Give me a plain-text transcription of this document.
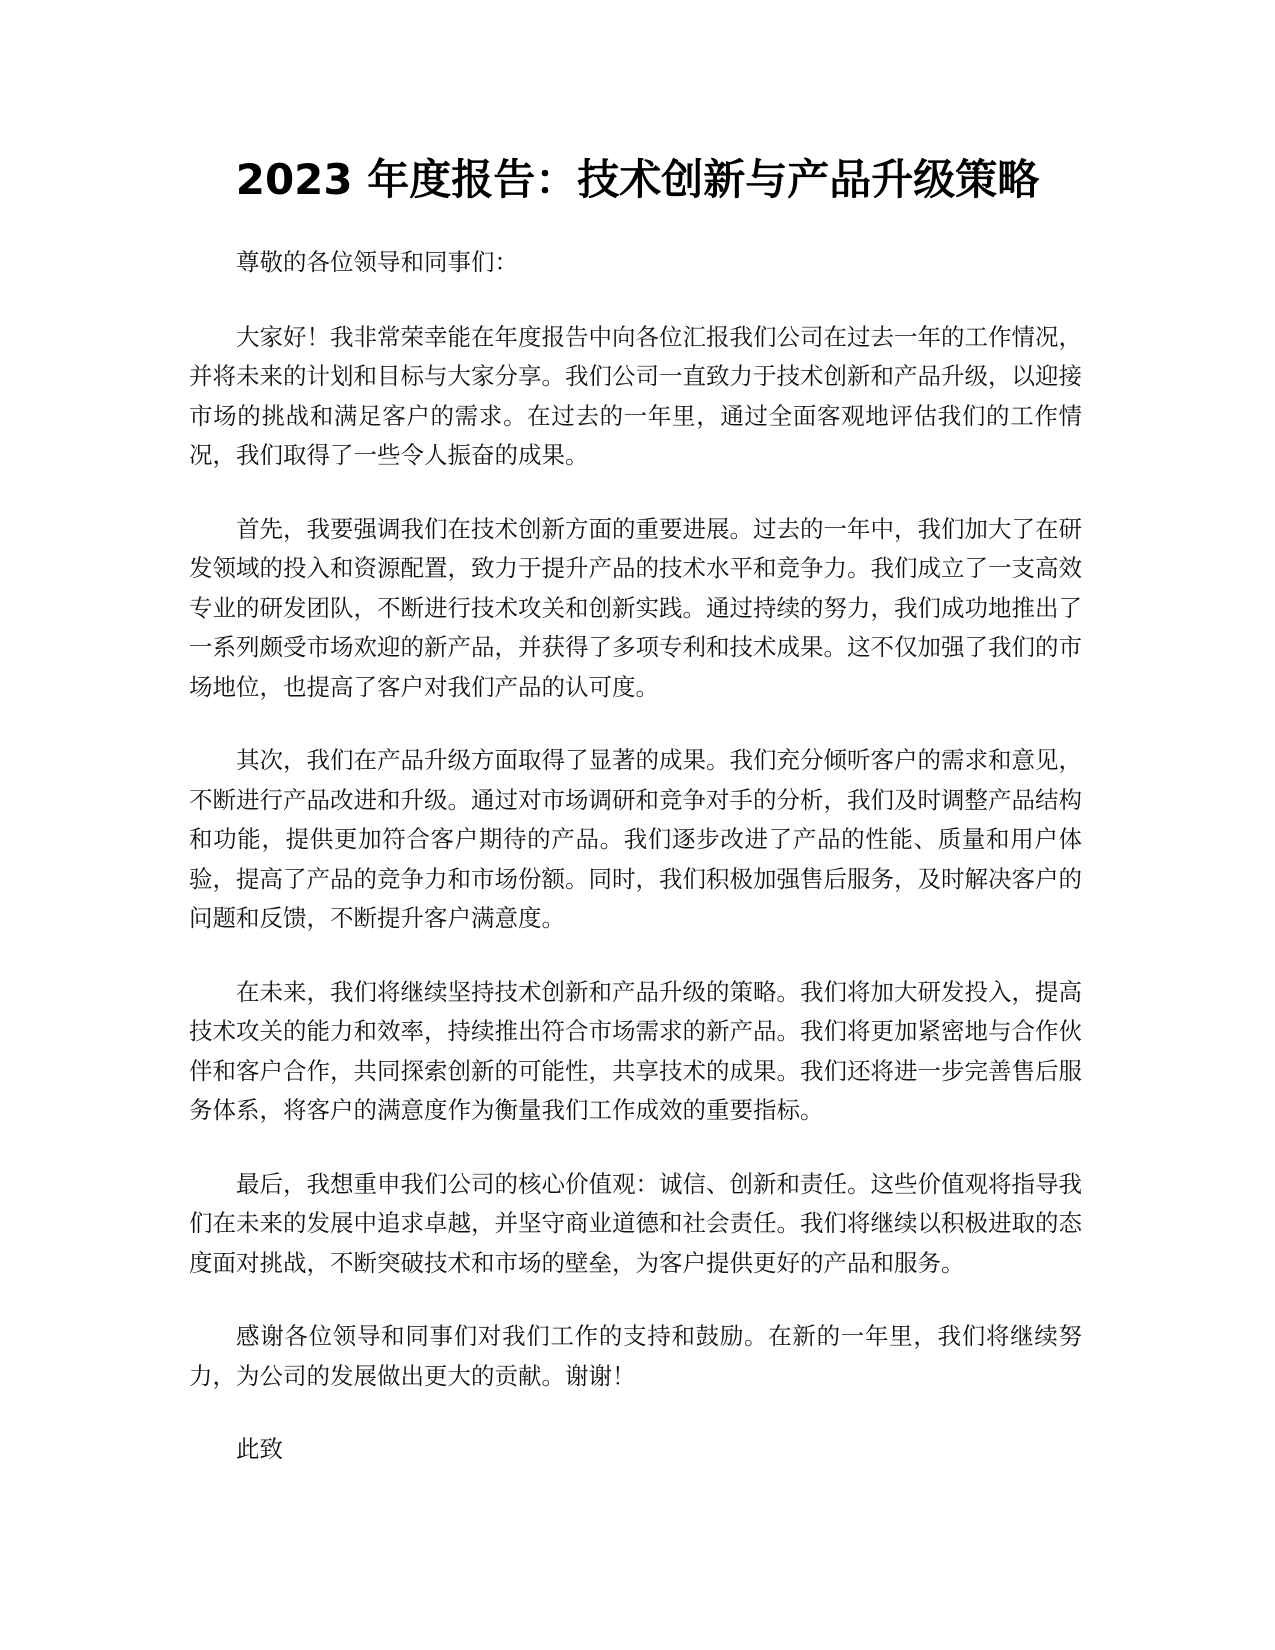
2023 年度报告：技术创新与产品升级策略

尊敬的各位领导和同事们：

大家好！我非常荣幸能在年度报告中向各位汇报我们公司在过去一年的工作情况，并将未来的计划和目标与大家分享。我们公司一直致力于技术创新和产品升级，以迎接市场的挑战和满足客户的需求。在过去的一年里，通过全面客观地评估我们的工作情况，我们取得了一些令人振奋的成果。

首先，我要强调我们在技术创新方面的重要进展。过去的一年中，我们加大了在研发领域的投入和资源配置，致力于提升产品的技术水平和竞争力。我们成立了一支高效专业的研发团队，不断进行技术攻关和创新实践。通过持续的努力，我们成功地推出了一系列颇受市场欢迎的新产品，并获得了多项专利和技术成果。这不仅加强了我们的市场地位，也提高了客户对我们产品的认可度。

其次，我们在产品升级方面取得了显著的成果。我们充分倾听客户的需求和意见，不断进行产品改进和升级。通过对市场调研和竞争对手的分析，我们及时调整产品结构和功能，提供更加符合客户期待的产品。我们逐步改进了产品的性能、质量和用户体验，提高了产品的竞争力和市场份额。同时，我们积极加强售后服务，及时解决客户的问题和反馈，不断提升客户满意度。

在未来，我们将继续坚持技术创新和产品升级的策略。我们将加大研发投入，提高技术攻关的能力和效率，持续推出符合市场需求的新产品。我们将更加紧密地与合作伙伴和客户合作，共同探索创新的可能性，共享技术的成果。我们还将进一步完善售后服务体系，将客户的满意度作为衡量我们工作成效的重要指标。

最后，我想重申我们公司的核心价值观：诚信、创新和责任。这些价值观将指导我们在未来的发展中追求卓越，并坚守商业道德和社会责任。我们将继续以积极进取的态度面对挑战，不断突破技术和市场的壁垒，为客户提供更好的产品和服务。

感谢各位领导和同事们对我们工作的支持和鼓励。在新的一年里，我们将继续努力，为公司的发展做出更大的贡献。谢谢！

此致
